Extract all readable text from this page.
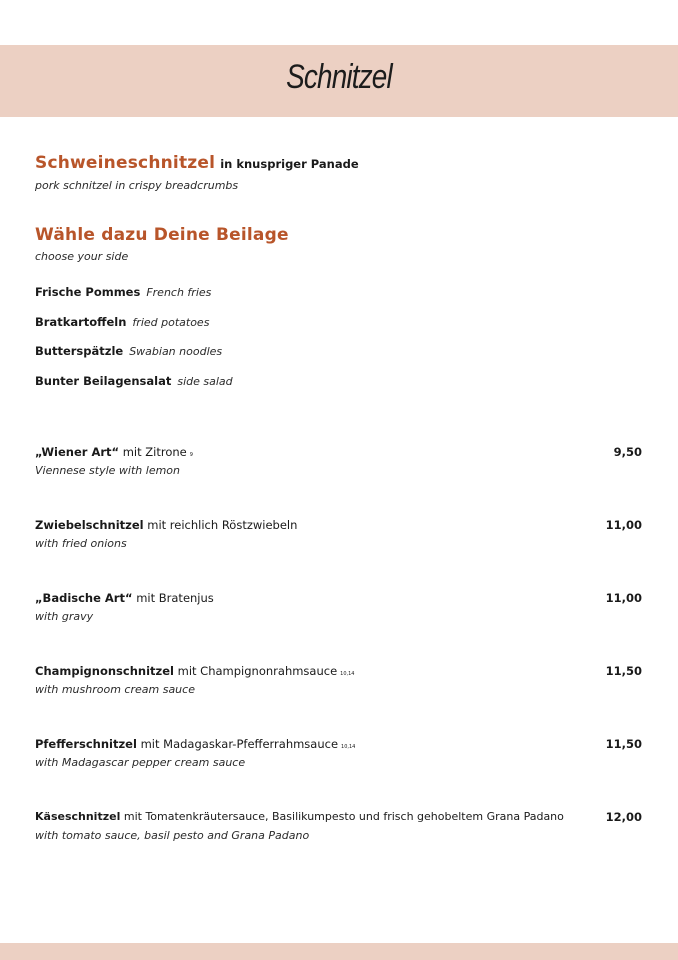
Schnitzel
Schweineschnitzel in knuspriger Panade
pork schnitzel in crispy breadcrumbs
Wähle dazu Deine Beilage
choose your side
Frische Pommes French fries
Bratkartoffeln fried potatoes
Butterspätzle Swabian noodles
Bunter Beilagensalat side salad
„Wiener Art“ mit Zitrone 9
Viennese style with lemon
9,50
Zwiebelschnitzel mit reichlich Röstzwiebeln
with fried onions
11,00
„Badische Art“ mit Bratenjus
with gravy
11,00
Champignonschnitzel mit Champignonrahmsauce 10,14
with mushroom cream sauce
11,50
Pfefferschnitzel mit Madagaskar-Pfefferrahmsauce 10,14
with Madagascar pepper cream sauce
11,50
Käseschnitzel mit Tomatenkräutersauce, Basilikumpesto und frisch gehobeltem Grana Padano
with tomato sauce, basil pesto and Grana Padano
12,00
